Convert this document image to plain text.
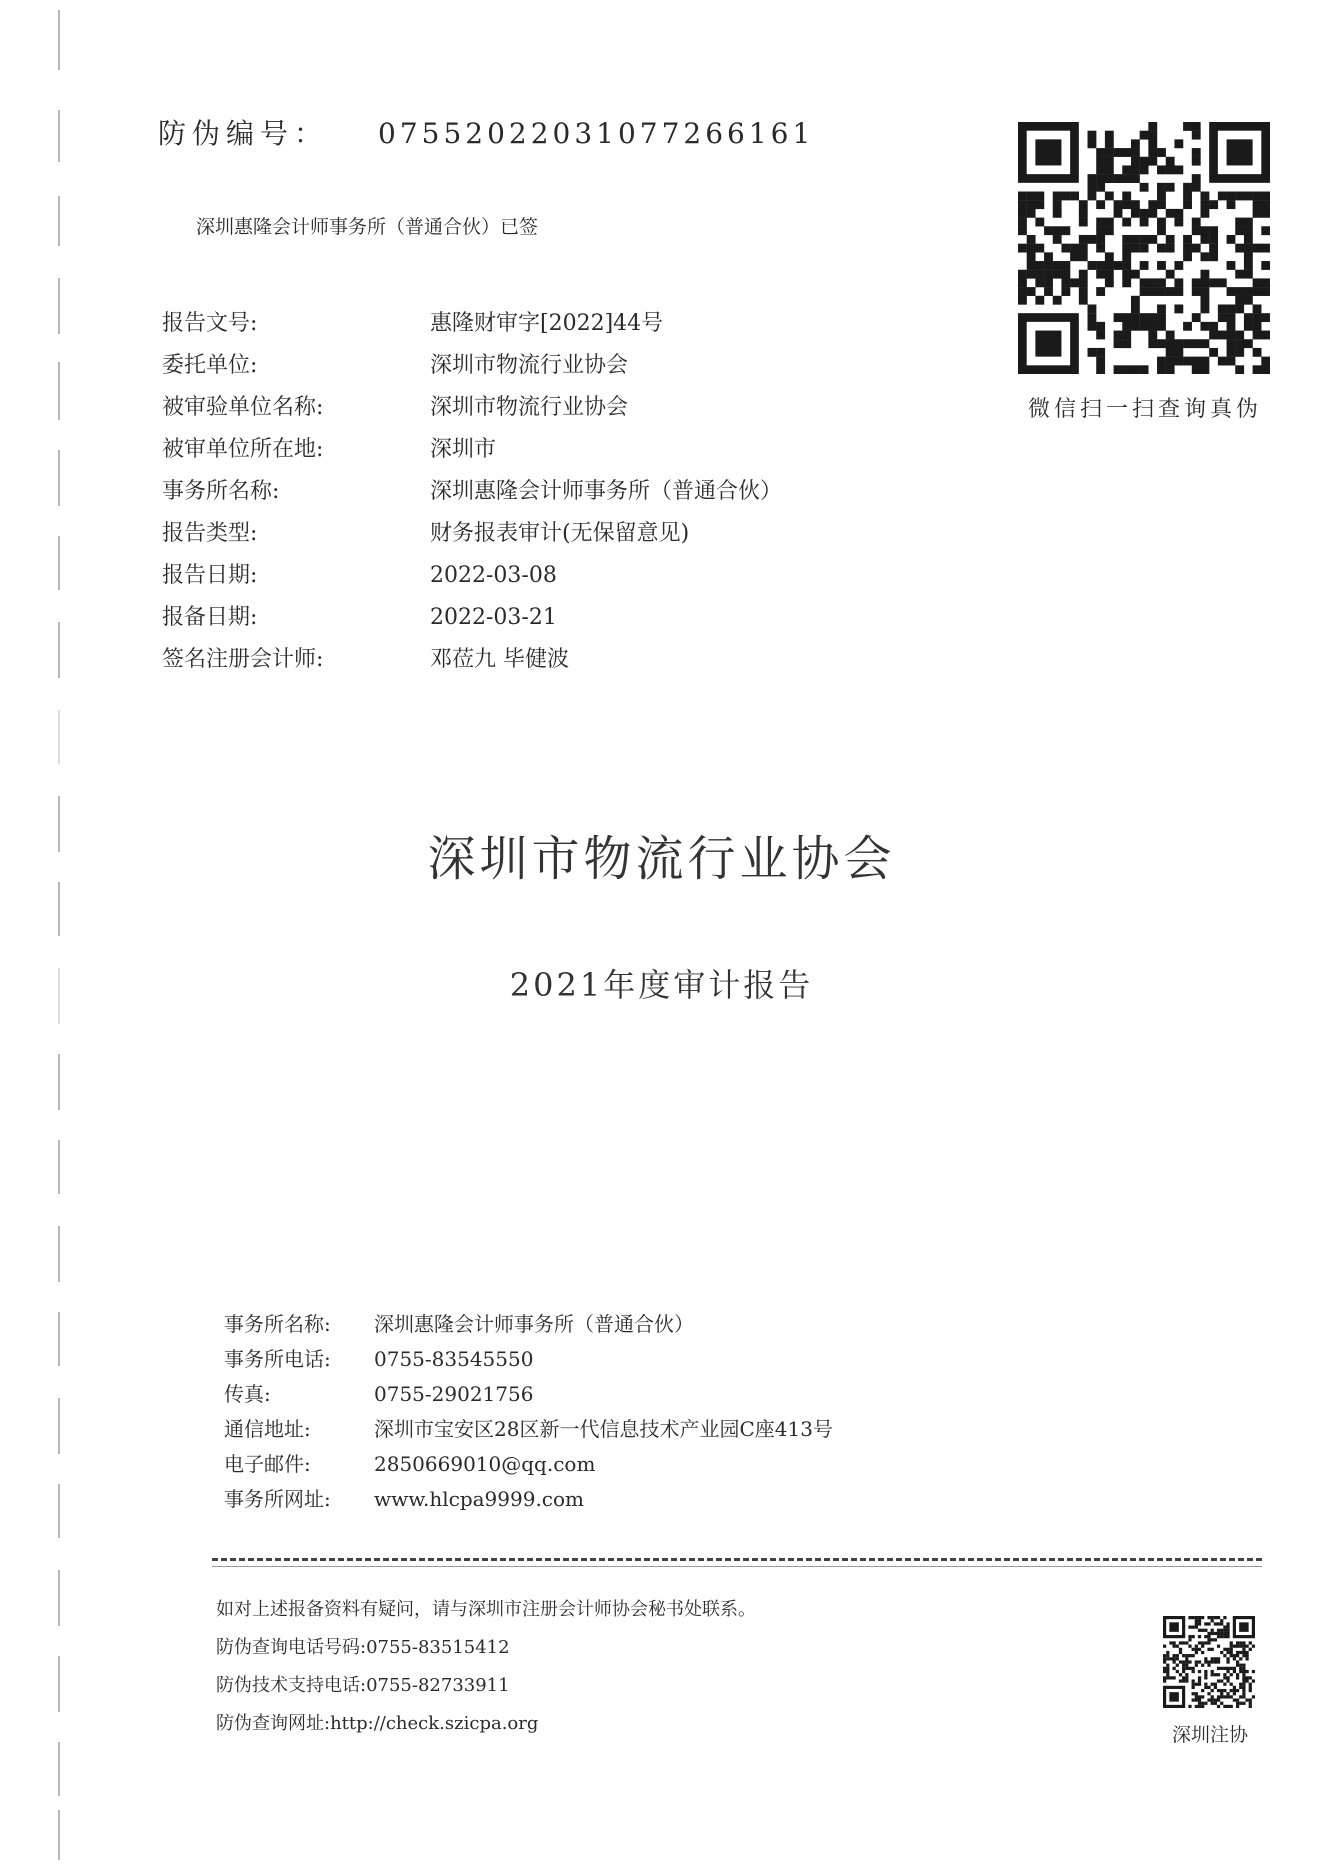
防伪编号： 07552022031077266161
深圳惠隆会计师事务所（普通合伙）已签
报告文号:	惠隆财审字[2022]44号
委托单位:	深圳市物流行业协会
被审验单位名称:	深圳市物流行业协会
被审单位所在地:	深圳市
事务所名称:	深圳惠隆会计师事务所（普通合伙）
报告类型:	财务报表审计(无保留意见)
报告日期:	2022-03-08
报备日期:	2022-03-21
签名注册会计师:	邓莅九 毕健波
微信扫一扫查询真伪
深圳市物流行业协会
2021年度审计报告
事务所名称: 深圳惠隆会计师事务所（普通合伙）
事务所电话: 0755-83545550
传真:	0755-29021756
通信地址:	深圳市宝安区28区新一代信息技术产业园C座413号
电子邮件:	2850669010@qq.com
事务所网址: www.hlcpa9999.com
如对上述报备资料有疑问，请与深圳市注册会计师协会秘书处联系。
防伪查询电话号码:0755-83515412
防伪技术支持电话:0755-82733911
防伪查询网址:http://check.szicpa.org
深圳注协
